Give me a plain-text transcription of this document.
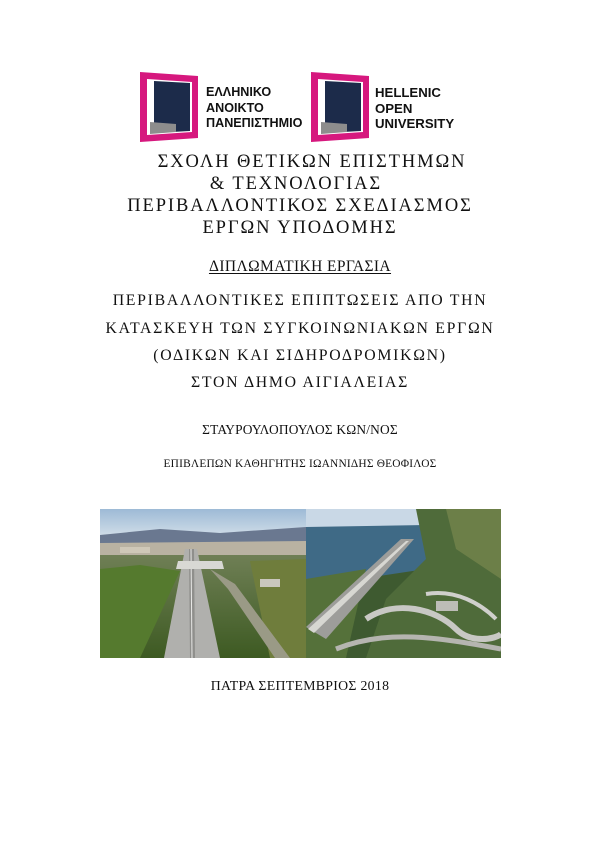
ΕΛΛΗΝΙΚΟ
ΑΝΟΙΚΤΟ
ΠΑΝΕΠΙΣΤΗΜΙΟ
HELLENIC
OPEN
UNIVERSITY
ΣΧΟΛΗ ΘΕΤΙΚΩΝ ΕΠΙΣΤΗΜΩΝ
& ΤΕΧΝΟΛΟΓΙΑΣ
ΠΕΡΙΒΑΛΛΟΝΤΙΚΟΣ ΣΧΕΔΙΑΣΜΟΣ
ΕΡΓΩΝ ΥΠΟΔΟΜΗΣ
ΔΙΠΛΩΜΑΤΙΚΗ ΕΡΓΑΣΙΑ
ΠΕΡΙΒΑΛΛΟΝΤΙΚΕΣ ΕΠΙΠΤΩΣΕΙΣ ΑΠΟ ΤΗΝ
ΚΑΤΑΣΚΕΥΗ ΤΩΝ ΣΥΓΚΟΙΝΩΝΙΑΚΩΝ ΕΡΓΩΝ
(ΟΔΙΚΩΝ ΚΑΙ ΣΙΔΗΡΟΔΡΟΜΙΚΩΝ)
ΣΤΟΝ ΔΗΜΟ ΑΙΓΙΑΛΕΙΑΣ
ΣΤΑΥΡΟΥΛΟΠΟΥΛΟΣ ΚΩΝ/ΝΟΣ
ΕΠΙΒΛΕΠΩΝ ΚΑΘΗΓΗΤΗΣ ΙΩΑΝΝΙΔΗΣ ΘΕΟΦΙΛΟΣ
ΠΑΤΡΑ ΣΕΠΤΕΜΒΡΙΟΣ 2018
